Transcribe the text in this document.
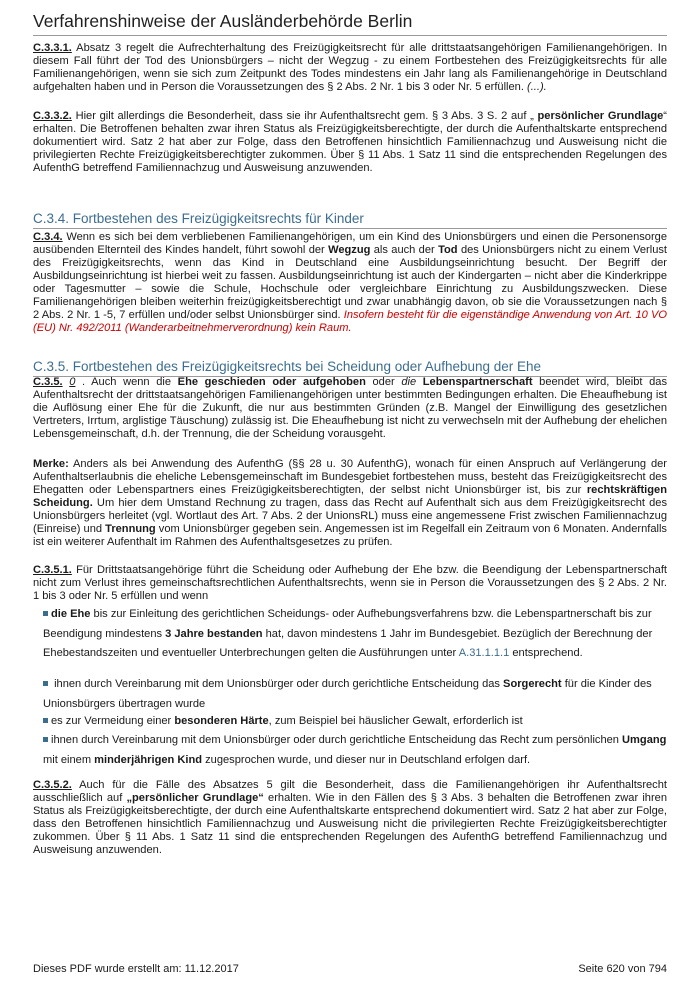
Verfahrenshinweise der Ausländerbehörde Berlin

C.3.3.1. Absatz 3 regelt die Aufrechterhaltung des Freizügigkeitsrecht für alle drittstaatsangehörigen Familienangehörigen. In diesem Fall führt der Tod des Unionsbürgers – nicht der Wegzug - zu einem Fortbestehen des Freizügigkeitsrechts für alle Familienangehörigen, wenn sie sich zum Zeitpunkt des Todes mindestens ein Jahr lang als Familienangehörige in Deutschland aufgehalten haben und in Person die Voraussetzungen des § 2 Abs. 2 Nr. 1 bis 3 oder Nr. 5 erfüllen. (...).

C.3.3.2. Hier gilt allerdings die Besonderheit, dass sie ihr Aufenthaltsrecht gem. § 3 Abs. 3 S. 2 auf „ persönlicher Grundlage“ erhalten. Die Betroffenen behalten zwar ihren Status als Freizügigkeitsberechtigte, der durch die Aufenthaltskarte entsprechend dokumentiert wird. Satz 2 hat aber zur Folge, dass den Betroffenen hinsichtlich Familiennachzug und Ausweisung nicht die privilegierten Rechte Freizügigkeitsberechtigter zukommen. Über § 11 Abs. 1 Satz 11 sind die entsprechenden Regelungen des AufenthG betreffend Familiennachzug und Ausweisung anzuwenden.

C.3.4. Fortbestehen des Freizügigkeitsrechts für Kinder

C.3.4. Wenn es sich bei dem verbliebenen Familienangehörigen, um ein Kind des Unionsbürgers und einen die Personensorge ausübenden Elternteil des Kindes handelt, führt sowohl der Wegzug als auch der Tod des Unionsbürgers nicht zu einem Verlust des Freizügigkeitsrechts, wenn das Kind in Deutschland eine Ausbildungseinrichtung besucht. Der Begriff der Ausbildungseinrichtung ist hierbei weit zu fassen. Ausbildungseinrichtung ist auch der Kindergarten – nicht aber die Kinderkrippe oder Tagesmutter – sowie die Schule, Hochschule oder vergleichbare Einrichtung zu Ausbildungszwecken. Diese Familienangehörigen bleiben weiterhin freizügigkeitsberechtigt und zwar unabhängig davon, ob sie die Voraussetzungen nach § 2 Abs. 2 Nr. 1 -5, 7 erfüllen und/oder selbst Unionsbürger sind. Insofern besteht für die eigenständige Anwendung von Art. 10 VO (EU) Nr. 492/2011 (Wanderarbeitnehmerverordnung) kein Raum.

C.3.5. Fortbestehen des Freizügigkeitsrechts bei Scheidung oder Aufhebung der Ehe

C.3.5. 0 . Auch wenn die Ehe geschieden oder aufgehoben oder die Lebenspartnerschaft beendet wird, bleibt das Aufenthaltsrecht der drittstaatsangehörigen Familienangehörigen unter bestimmten Bedingungen erhalten. Die Eheaufhebung ist die Auflösung einer Ehe für die Zukunft, die nur aus bestimmten Gründen (z.B. Mangel der Einwilligung des gesetzlichen Vertreters, Irrtum, arglistige Täuschung) zulässig ist. Die Eheaufhebung ist nicht zu verwechseln mit der Aufhebung der ehelichen Lebensgemeinschaft, d.h. der Trennung, die der Scheidung vorausgeht.

Merke: Anders als bei Anwendung des AufenthG (§§ 28 u. 30 AufenthG), wonach für einen Anspruch auf Verlängerung der Aufenthaltserlaubnis die eheliche Lebensgemeinschaft im Bundesgebiet fortbestehen muss, besteht das Freizügigkeitsrecht des Ehegatten oder Lebenspartners eines Freizügigkeitsberechtigten, der selbst nicht Unionsbürger ist, bis zur rechtskräftigen Scheidung. Um hier dem Umstand Rechnung zu tragen, dass das Recht auf Aufenthalt sich aus dem Freizügigkeitsrecht des Unionsbürgers herleitet (vgl. Wortlaut des Art. 7 Abs. 2 der UnionsRL) muss eine angemessene Frist zwischen Familiennachzug (Einreise) und Trennung vom Unionsbürger gegeben sein. Angemessen ist im Regelfall ein Zeitraum von 6 Monaten. Andernfalls ist ein weiterer Aufenthalt im Rahmen des Aufenthaltsgesetzes zu prüfen.

C.3.5.1. Für Drittstaatsangehörige führt die Scheidung oder Aufhebung der Ehe bzw. die Beendigung der Lebenspartnerschaft nicht zum Verlust ihres gemeinschaftsrechtlichen Aufenthaltsrechts, wenn sie in Person die Voraussetzungen des § 2 Abs. 2 Nr. 1 bis 3 oder Nr. 5 erfüllen und wenn

die Ehe bis zur Einleitung des gerichtlichen Scheidungs- oder Aufhebungsverfahrens bzw. die Lebenspartnerschaft bis zur Beendigung mindestens 3 Jahre bestanden hat, davon mindestens 1 Jahr im Bundesgebiet. Bezüglich der Berechnung der Ehebestandszeiten und eventueller Unterbrechungen gelten die Ausführungen unter A.31.1.1.1 entsprechend.

ihnen durch Vereinbarung mit dem Unionsbürger oder durch gerichtliche Entscheidung das Sorgerecht für die Kinder des Unionsbürgers übertragen wurde

es zur Vermeidung einer besonderen Härte, zum Beispiel bei häuslicher Gewalt, erforderlich ist

ihnen durch Vereinbarung mit dem Unionsbürger oder durch gerichtliche Entscheidung das Recht zum persönlichen Umgang mit einem minderjährigen Kind zugesprochen wurde, und dieser nur in Deutschland erfolgen darf.

C.3.5.2. Auch für die Fälle des Absatzes 5 gilt die Besonderheit, dass die Familienangehörigen ihr Aufenthaltsrecht ausschließlich auf „persönlicher Grundlage“ erhalten. Wie in den Fällen des § 3 Abs. 3 behalten die Betroffenen zwar ihren Status als Freizügigkeitsberechtigte, der durch eine Aufenthaltskarte entsprechend dokumentiert wird. Satz 2 hat aber zur Folge, dass den Betroffenen hinsichtlich Familiennachzug und Ausweisung nicht die privilegierten Rechte Freizügigkeitsberechtigter zukommen. Über § 11 Abs. 1 Satz 11 sind die entsprechenden Regelungen des AufenthG betreffend Familiennachzug und Ausweisung anzuwenden.

Dieses PDF wurde erstellt am: 11.12.2017	Seite 620 von 794
